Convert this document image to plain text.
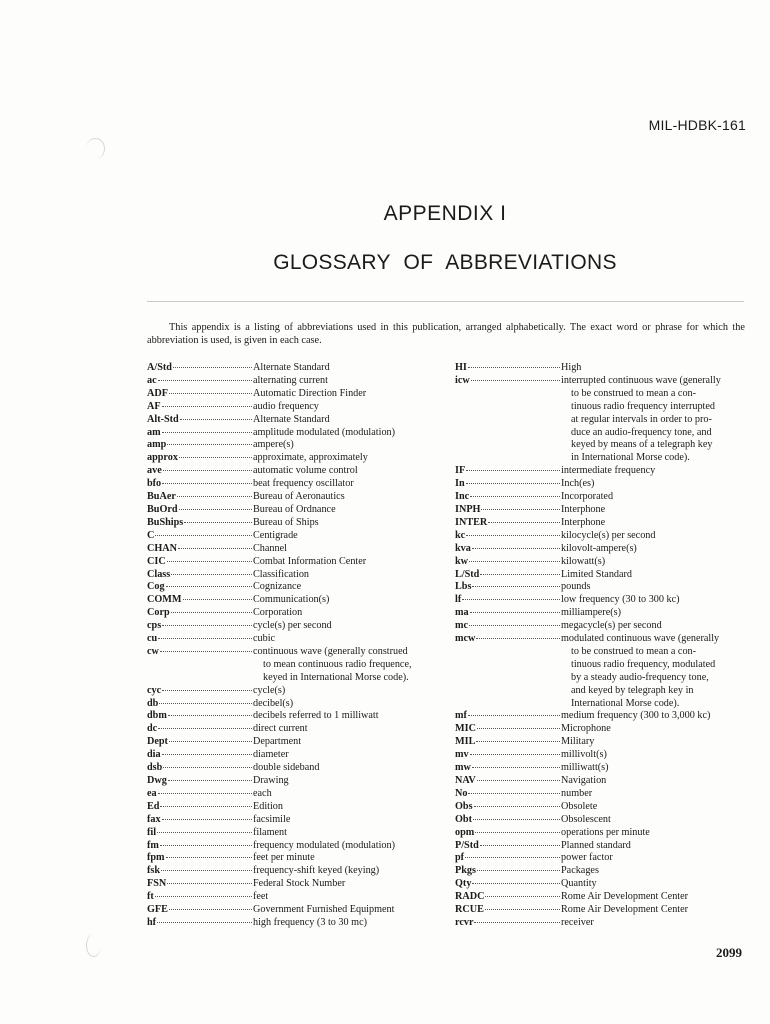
MIL-HDBK-161
APPENDIX I
GLOSSARY OF ABBREVIATIONS

This appendix is a listing of abbreviations used in this publication, arranged alphabetically. The exact word or phrase for which the abbreviation is used, is given in each case.

A/Std	Alternate Standard
ac	alternating current
ADF	Automatic Direction Finder
AF	audio frequency
Alt-Std	Alternate Standard
am	amplitude modulated (modulation)
amp	ampere(s)
approx	approximate, approximately
ave	automatic volume control
bfo	beat frequency oscillator
BuAer	Bureau of Aeronautics
BuOrd	Bureau of Ordnance
BuShips	Bureau of Ships
C	Centigrade
CHAN	Channel
CIC	Combat Information Center
Class	Classification
Cog	Cognizance
COMM	Communication(s)
Corp	Corporation
cps	cycle(s) per second
cu	cubic
cw	continuous wave (generally construed
to mean continuous radio frequence,
keyed in International Morse code).
cyc	cycle(s)
db	decibel(s)
dbm	decibels referred to 1 milliwatt
dc	direct current
Dept	Department
dia	diameter
dsb	double sideband
Dwg	Drawing
ea	each
Ed	Edition
fax	facsimile
fil	filament
fm	frequency modulated (modulation)
fpm	feet per minute
fsk	frequency-shift keyed (keying)
FSN	Federal Stock Number
ft	feet
GFE	Government Furnished Equipment
hf	high frequency (3 to 30 mc)
HI	High
icw	interrupted continuous wave (generally
to be construed to mean a con-
tinuous radio frequency interrupted
at regular intervals in order to pro-
duce an audio-frequency tone, and
keyed by means of a telegraph key
in International Morse code).
IF	intermediate frequency
In	Inch(es)
Inc	Incorporated
INPH	Interphone
INTER	Interphone
kc	kilocycle(s) per second
kva	kilovolt-ampere(s)
kw	kilowatt(s)
L/Std	Limited Standard
Lbs	pounds
lf	low frequency (30 to 300 kc)
ma	milliampere(s)
mc	megacycle(s) per second
mcw	modulated continuous wave (generally
to be construed to mean a con-
tinuous radio frequency, modulated
by a steady audio-frequency tone,
and keyed by telegraph key in
International Morse code).
mf	medium frequency (300 to 3,000 kc)
MIC	Microphone
MIL	Military
mv	millivolt(s)
mw	milliwatt(s)
NAV	Navigation
No	number
Obs	Obsolete
Obt	Obsolescent
opm	operations per minute
P/Std	Planned standard
pf	power factor
Pkgs	Packages
Qty	Quantity
RADC	Rome Air Development Center
RCUE	Rome Air Development Center
rcvr	receiver
2099
